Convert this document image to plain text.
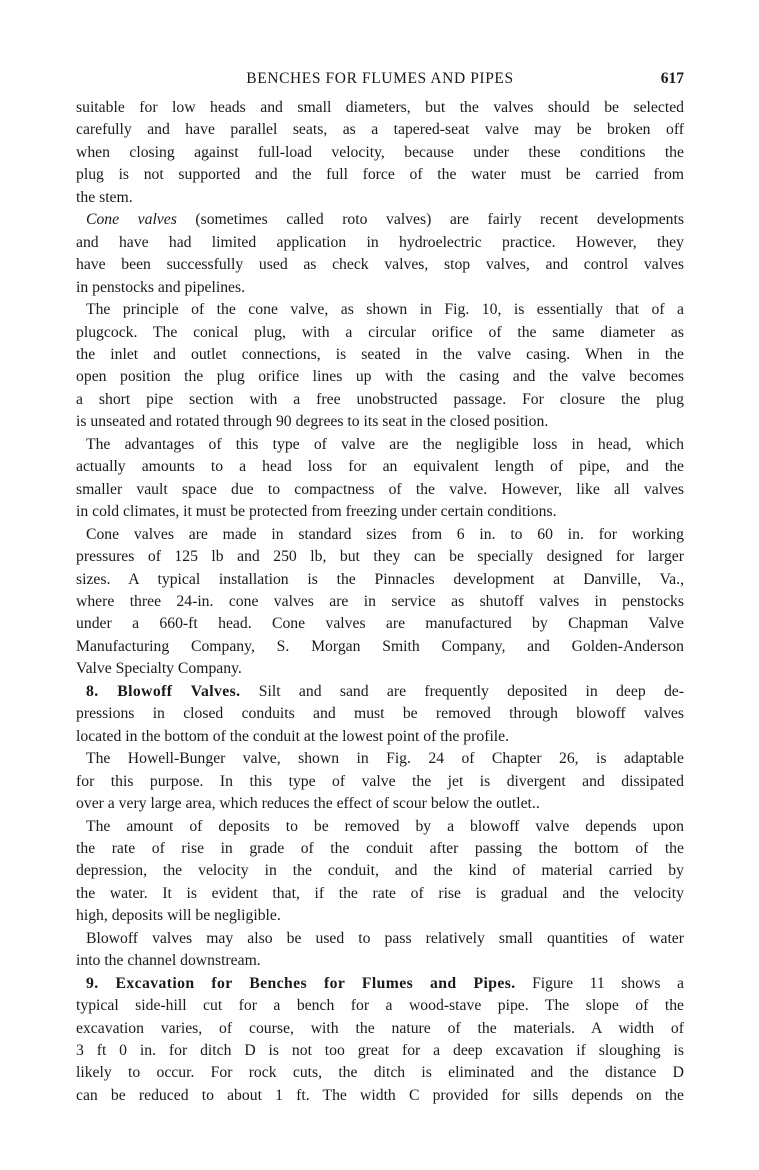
BENCHES FOR FLUMES AND PIPES	617
suitable for low heads and small diameters, but the valves should be selected
carefully and have parallel seats, as a tapered-seat valve may be broken off
when closing against full-load velocity, because under these conditions the
plug is not supported and the full force of the water must be carried from
the stem.
Cone valves (sometimes called roto valves) are fairly recent developments
and have had limited application in hydroelectric practice. However, they
have been successfully used as check valves, stop valves, and control valves
in penstocks and pipelines.
The principle of the cone valve, as shown in Fig. 10, is essentially that of a
plugcock. The conical plug, with a circular orifice of the same diameter as
the inlet and outlet connections, is seated in the valve casing. When in the
open position the plug orifice lines up with the casing and the valve becomes
a short pipe section with a free unobstructed passage. For closure the plug
is unseated and rotated through 90 degrees to its seat in the closed position.
The advantages of this type of valve are the negligible loss in head, which
actually amounts to a head loss for an equivalent length of pipe, and the
smaller vault space due to compactness of the valve. However, like all valves
in cold climates, it must be protected from freezing under certain conditions.
Cone valves are made in standard sizes from 6 in. to 60 in. for working
pressures of 125 lb and 250 lb, but they can be specially designed for larger
sizes. A typical installation is the Pinnacles development at Danville, Va.,
where three 24-in. cone valves are in service as shutoff valves in penstocks
under a 660-ft head. Cone valves are manufactured by Chapman Valve
Manufacturing Company, S. Morgan Smith Company, and Golden-Anderson
Valve Specialty Company.
8. Blowoff Valves. Silt and sand are frequently deposited in deep de-
pressions in closed conduits and must be removed through blowoff valves
located in the bottom of the conduit at the lowest point of the profile.
The Howell-Bunger valve, shown in Fig. 24 of Chapter 26, is adaptable
for this purpose. In this type of valve the jet is divergent and dissipated
over a very large area, which reduces the effect of scour below the outlet..
The amount of deposits to be removed by a blowoff valve depends upon
the rate of rise in grade of the conduit after passing the bottom of the
depression, the velocity in the conduit, and the kind of material carried by
the water. It is evident that, if the rate of rise is gradual and the velocity
high, deposits will be negligible.
Blowoff valves may also be used to pass relatively small quantities of water
into the channel downstream.
9. Excavation for Benches for Flumes and Pipes. Figure 11 shows a
typical side-hill cut for a bench for a wood-stave pipe. The slope of the
excavation varies, of course, with the nature of the materials. A width of
3 ft 0 in. for ditch D is not too great for a deep excavation if sloughing is
likely to occur. For rock cuts, the ditch is eliminated and the distance D
can be reduced to about 1 ft. The width C provided for sills depends on the
